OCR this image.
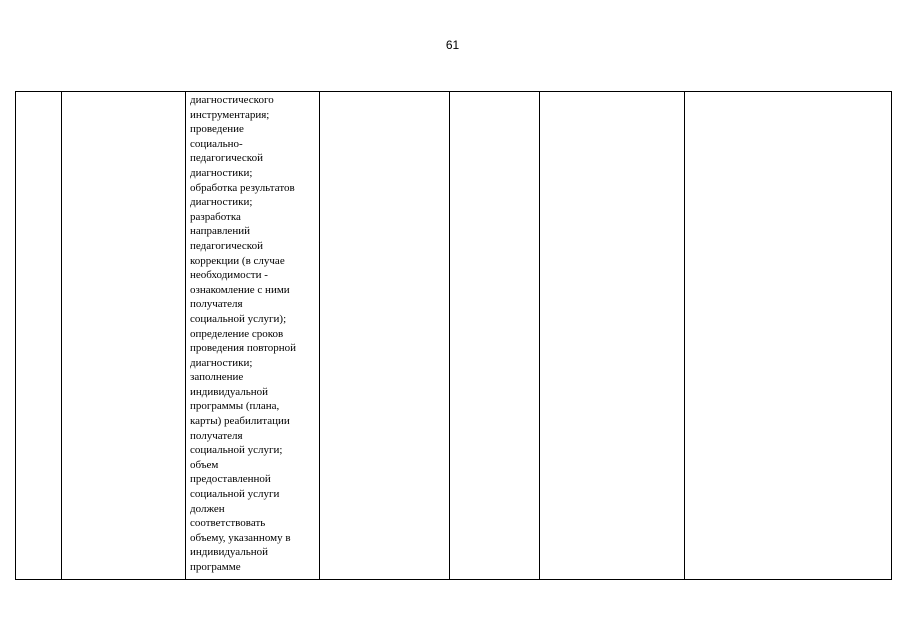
61

диагностического
инструментария;
проведение
социально-
педагогической
диагностики;
обработка результатов
диагностики;
разработка
направлений
педагогической
коррекции (в случае
необходимости -
ознакомление с ними
получателя
социальной услуги);
определение сроков
проведения повторной
диагностики;
заполнение
индивидуальной
программы (плана,
карты) реабилитации
получателя
социальной услуги;
объем
предоставленной
социальной услуги
должен
соответствовать
объему, указанному в
индивидуальной
программе
